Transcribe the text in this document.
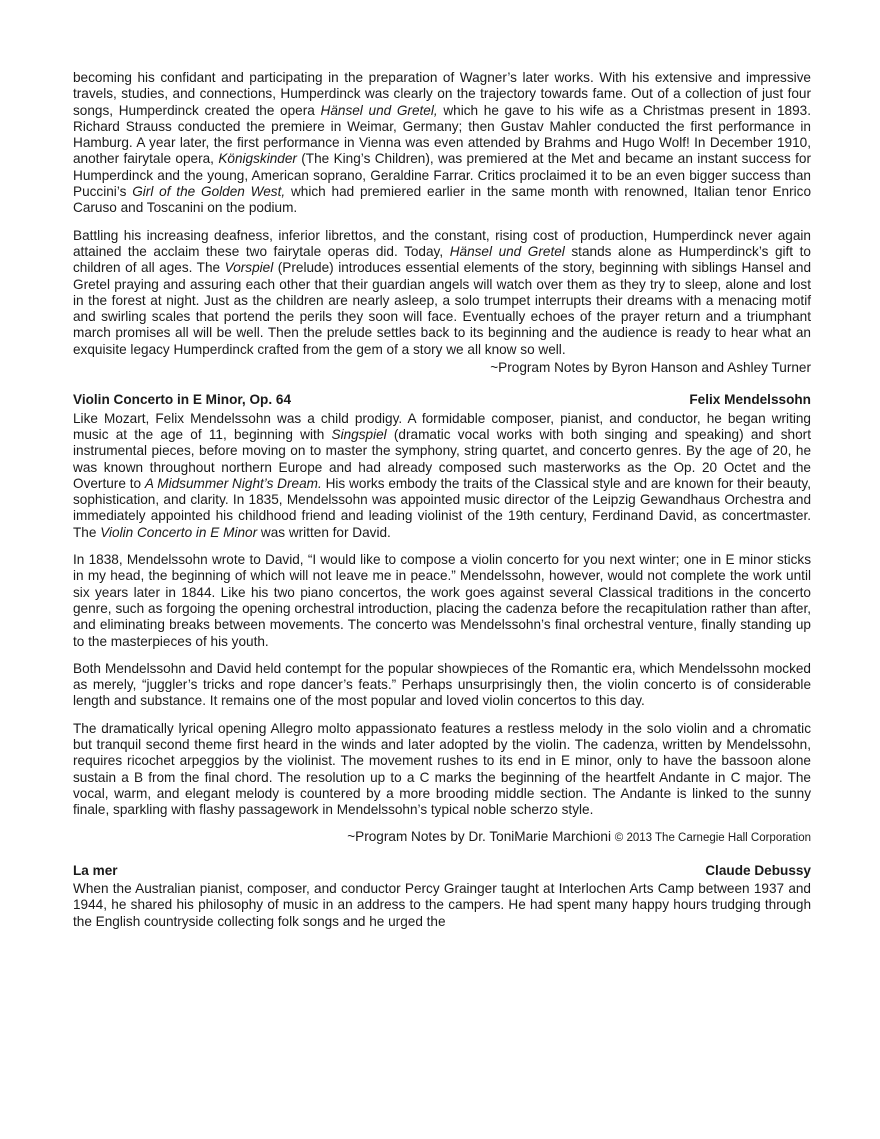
becoming his confidant and participating in the preparation of Wagner’s later works. With his extensive and impressive travels, studies, and connections, Humperdinck was clearly on the trajectory towards fame. Out of a collection of just four songs, Humperdinck created the opera Hänsel und Gretel, which he gave to his wife as a Christmas present in 1893. Richard Strauss conducted the premiere in Weimar, Germany; then Gustav Mahler conducted the first performance in Hamburg. A year later, the first performance in Vienna was even attended by Brahms and Hugo Wolf! In December 1910, another fairytale opera, Königskinder (The King’s Children), was premiered at the Met and became an instant success for Humperdinck and the young, American soprano, Geraldine Farrar. Critics proclaimed it to be an even bigger success than Puccini’s Girl of the Golden West, which had premiered earlier in the same month with renowned, Italian tenor Enrico Caruso and Toscanini on the podium.

Battling his increasing deafness, inferior librettos, and the constant, rising cost of production, Humperdinck never again attained the acclaim these two fairytale operas did. Today, Hänsel und Gretel stands alone as Humperdinck’s gift to children of all ages. The Vorspiel (Prelude) introduces essential elements of the story, beginning with siblings Hansel and Gretel praying and assuring each other that their guardian angels will watch over them as they try to sleep, alone and lost in the forest at night. Just as the children are nearly asleep, a solo trumpet interrupts their dreams with a menacing motif and swirling scales that portend the perils they soon will face. Eventually echoes of the prayer return and a triumphant march promises all will be well. Then the prelude settles back to its beginning and the audience is ready to hear what an exquisite legacy Humperdinck crafted from the gem of a story we all know so well.

~Program Notes by Byron Hanson and Ashley Turner
Violin Concerto in E Minor, Op. 64	Felix Mendelssohn

Like Mozart, Felix Mendelssohn was a child prodigy. A formidable composer, pianist, and conductor, he began writing music at the age of 11, beginning with Singspiel (dramatic vocal works with both singing and speaking) and short instrumental pieces, before moving on to master the symphony, string quartet, and concerto genres. By the age of 20, he was known throughout northern Europe and had already composed such masterworks as the Op. 20 Octet and the Overture to A Midsummer Night’s Dream. His works embody the traits of the Classical style and are known for their beauty, sophistication, and clarity. In 1835, Mendelssohn was appointed music director of the Leipzig Gewandhaus Orchestra and immediately appointed his childhood friend and leading violinist of the 19th century, Ferdinand David, as concertmaster. The Violin Concerto in E Minor was written for David.

In 1838, Mendelssohn wrote to David, “I would like to compose a violin concerto for you next winter; one in E minor sticks in my head, the beginning of which will not leave me in peace.” Mendelssohn, however, would not complete the work until six years later in 1844. Like his two piano concertos, the work goes against several Classical traditions in the concerto genre, such as forgoing the opening orchestral introduction, placing the cadenza before the recapitulation rather than after, and eliminating breaks between movements. The concerto was Mendelssohn’s final orchestral venture, finally standing up to the masterpieces of his youth.

Both Mendelssohn and David held contempt for the popular showpieces of the Romantic era, which Mendelssohn mocked as merely, “juggler’s tricks and rope dancer’s feats.” Perhaps unsurprisingly then, the violin concerto is of considerable length and substance. It remains one of the most popular and loved violin concertos to this day.

The dramatically lyrical opening Allegro molto appassionato features a restless melody in the solo violin and a chromatic but tranquil second theme first heard in the winds and later adopted by the violin. The cadenza, written by Mendelssohn, requires ricochet arpeggios by the violinist. The movement rushes to its end in E minor, only to have the bassoon alone sustain a B from the final chord. The resolution up to a C marks the beginning of the heartfelt Andante in C major. The vocal, warm, and elegant melody is countered by a more brooding middle section. The Andante is linked to the sunny finale, sparkling with flashy passagework in Mendelssohn’s typical noble scherzo style.

~Program Notes by Dr. ToniMarie Marchioni © 2013 The Carnegie Hall Corporation
La mer	Claude Debussy

When the Australian pianist, composer, and conductor Percy Grainger taught at Interlochen Arts Camp between 1937 and 1944, he shared his philosophy of music in an address to the campers. He had spent many happy hours trudging through the English countryside collecting folk songs and he urged the
